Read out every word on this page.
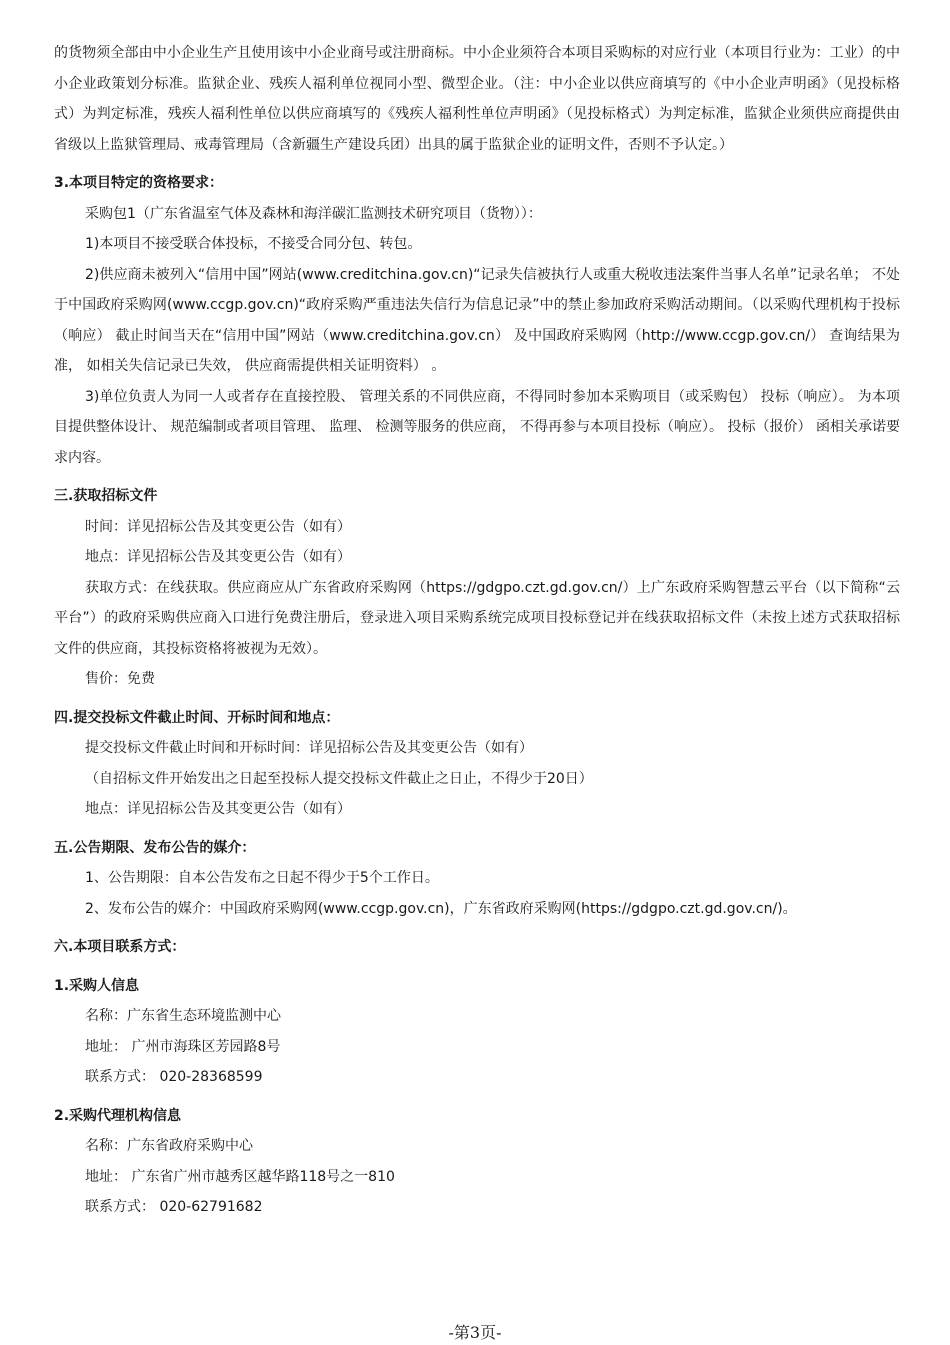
的货物须全部由中小企业生产且使用该中小企业商号或注册商标。中小企业须符合本项目采购标的对应行业（本项目行业为：工业）的中小企业政策划分标准。监狱企业、残疾人福利单位视同小型、微型企业。（注：中小企业以供应商填写的《中小企业声明函》（见投标格式）为判定标准，残疾人福利性单位以供应商填写的《残疾人福利性单位声明函》（见投标格式）为判定标准，监狱企业须供应商提供由省级以上监狱管理局、戒毒管理局（含新疆生产建设兵团）出具的属于监狱企业的证明文件，否则不予认定。）

3.本项目特定的资格要求：

采购包1（广东省温室气体及森林和海洋碳汇监测技术研究项目（货物））：

1)本项目不接受联合体投标，不接受合同分包、转包。

2)供应商未被列入“信用中国”网站(www.creditchina.gov.cn)“记录失信被执行人或重大税收违法案件当事人名单”记录名单； 不处于中国政府采购网(www.ccgp.gov.cn)“政府采购严重违法失信行为信息记录”中的禁止参加政府采购活动期间。（以采购代理机构于投标（响应） 截止时间当天在“信用中国”网站（www.creditchina.gov.cn） 及中国政府采购网（http://www.ccgp.gov.cn/） 查询结果为准， 如相关失信记录已失效， 供应商需提供相关证明资料） 。

3)单位负责人为同一人或者存在直接控股、 管理关系的不同供应商，不得同时参加本采购项目（或采购包） 投标（响应）。 为本项目提供整体设计、 规范编制或者项目管理、 监理、 检测等服务的供应商， 不得再参与本项目投标（响应）。 投标（报价） 函相关承诺要求内容。

三.获取招标文件

时间：详见招标公告及其变更公告（如有）

地点：详见招标公告及其变更公告（如有）

获取方式：在线获取。供应商应从广东省政府采购网（https://gdgpo.czt.gd.gov.cn/）上广东政府采购智慧云平台（以下简称“云平台”）的政府采购供应商入口进行免费注册后，登录进入项目采购系统完成项目投标登记并在线获取招标文件（未按上述方式获取招标文件的供应商，其投标资格将被视为无效）。

售价：免费

四.提交投标文件截止时间、开标时间和地点：

提交投标文件截止时间和开标时间：详见招标公告及其变更公告（如有）

（自招标文件开始发出之日起至投标人提交投标文件截止之日止，不得少于20日）

地点：详见招标公告及其变更公告（如有）

五.公告期限、发布公告的媒介：

1、公告期限：自本公告发布之日起不得少于5个工作日。

2、发布公告的媒介：中国政府采购网(www.ccgp.gov.cn)，广东省政府采购网(https://gdgpo.czt.gd.gov.cn/)。

六.本项目联系方式：

1.采购人信息

名称：广东省生态环境监测中心

地址： 广州市海珠区芳园路8号

联系方式： 020-28368599

2.采购代理机构信息

名称：广东省政府采购中心

地址： 广东省广州市越秀区越华路118号之一810

联系方式： 020-62791682

-第3页-
